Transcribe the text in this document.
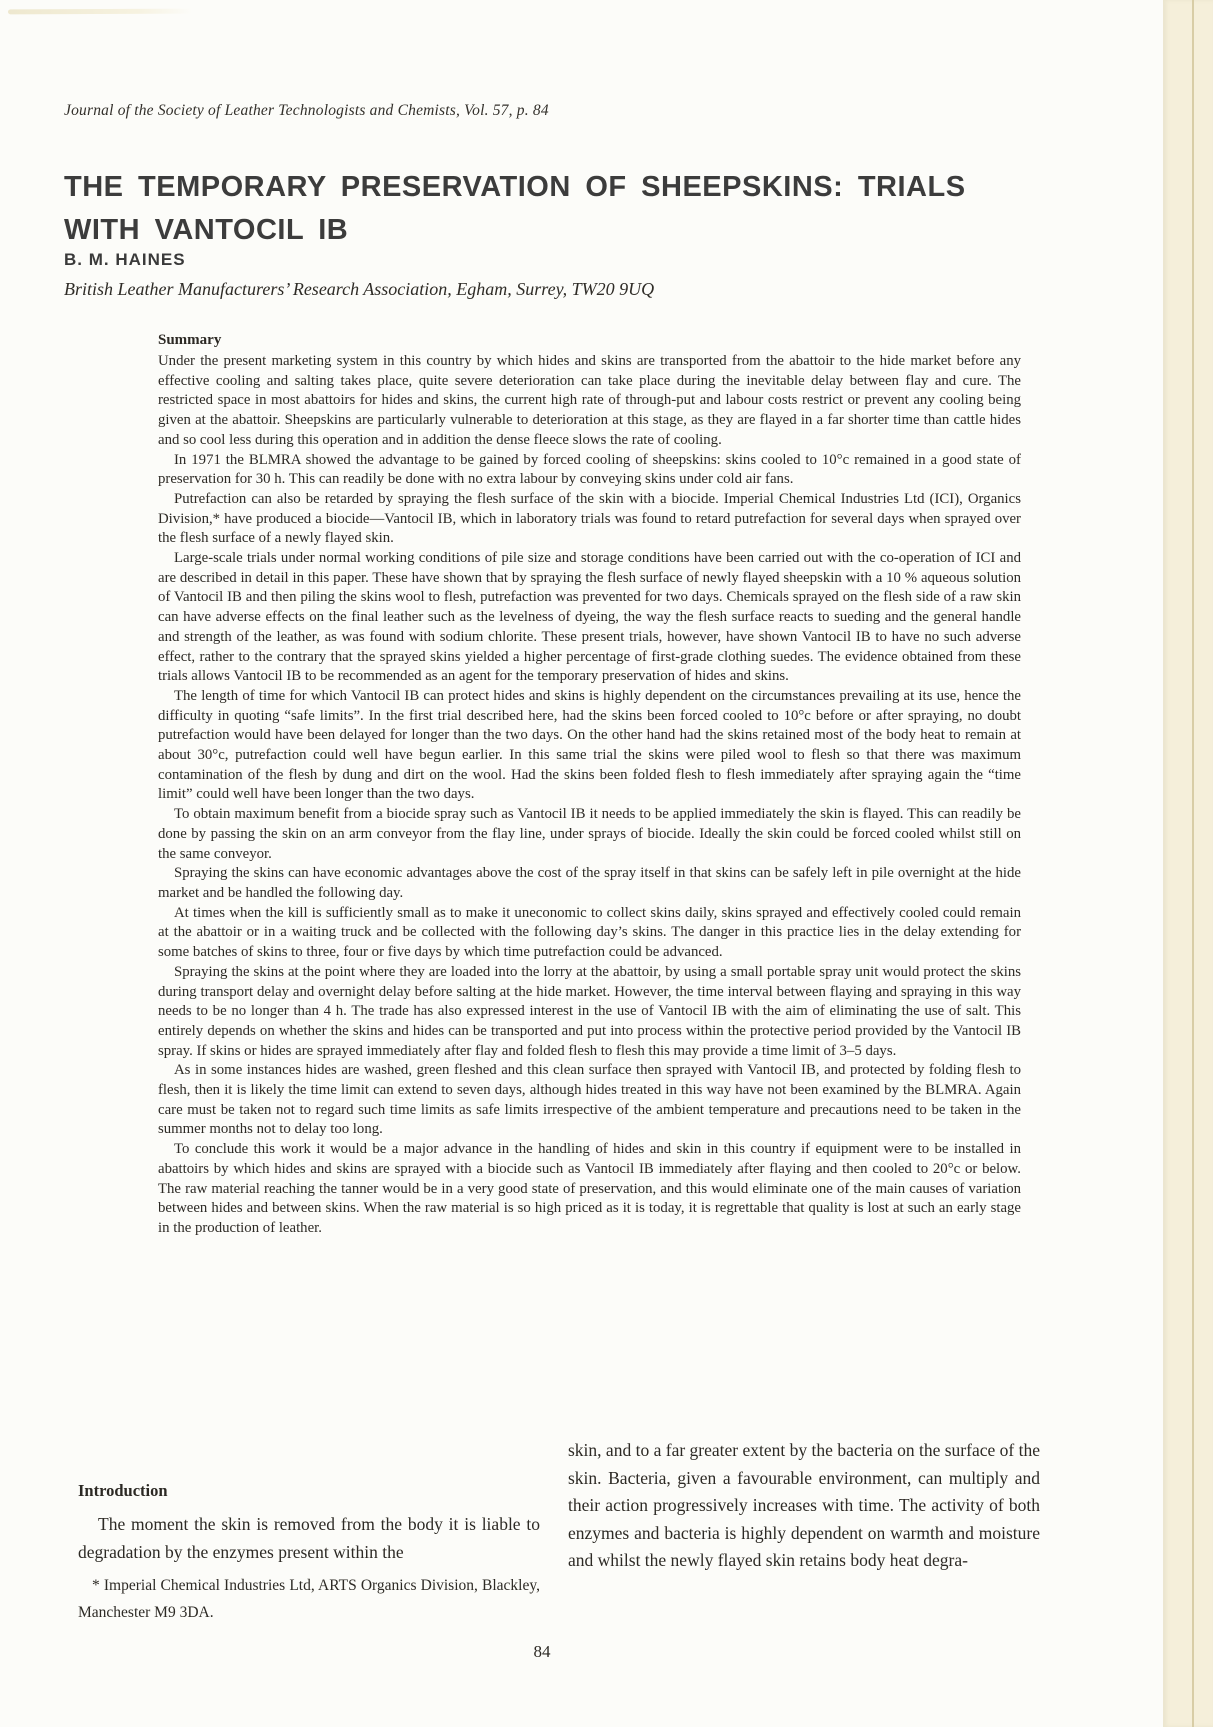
Journal of the Society of Leather Technologists and Chemists, Vol. 57, p. 84
THE TEMPORARY PRESERVATION OF SHEEPSKINS: TRIALS
WITH VANTOCIL IB
B. M. HAINES
British Leather Manufacturers’ Research Association, Egham, Surrey, TW20 9UQ
Summary

Under the present marketing system in this country by which hides and skins are transported from the abattoir to the hide market before any effective cooling and salting takes place, quite severe deterioration can take place during the inevitable delay between flay and cure. The restricted space in most abattoirs for hides and skins, the current high rate of through-put and labour costs restrict or prevent any cooling being given at the abattoir. Sheepskins are particularly vulnerable to deterioration at this stage, as they are flayed in a far shorter time than cattle hides and so cool less during this operation and in addition the dense fleece slows the rate of cooling.

In 1971 the BLMRA showed the advantage to be gained by forced cooling of sheepskins: skins cooled to 10°c remained in a good state of preservation for 30 h. This can readily be done with no extra labour by conveying skins under cold air fans.

Putrefaction can also be retarded by spraying the flesh surface of the skin with a biocide. Imperial Chemical Industries Ltd (ICI), Organics Division,* have produced a biocide—Vantocil IB, which in laboratory trials was found to retard putrefaction for several days when sprayed over the flesh surface of a newly flayed skin.

Large-scale trials under normal working conditions of pile size and storage conditions have been carried out with the co-operation of ICI and are described in detail in this paper. These have shown that by spraying the flesh surface of newly flayed sheepskin with a 10 % aqueous solution of Vantocil IB and then piling the skins wool to flesh, putrefaction was prevented for two days. Chemicals sprayed on the flesh side of a raw skin can have adverse effects on the final leather such as the levelness of dyeing, the way the flesh surface reacts to sueding and the general handle and strength of the leather, as was found with sodium chlorite. These present trials, however, have shown Vantocil IB to have no such adverse effect, rather to the contrary that the sprayed skins yielded a higher percentage of first-grade clothing suedes. The evidence obtained from these trials allows Vantocil IB to be recommended as an agent for the temporary preservation of hides and skins.

The length of time for which Vantocil IB can protect hides and skins is highly dependent on the circumstances prevailing at its use, hence the difficulty in quoting “safe limits”. In the first trial described here, had the skins been forced cooled to 10°c before or after spraying, no doubt putrefaction would have been delayed for longer than the two days. On the other hand had the skins retained most of the body heat to remain at about 30°c, putrefaction could well have begun earlier. In this same trial the skins were piled wool to flesh so that there was maximum contamination of the flesh by dung and dirt on the wool. Had the skins been folded flesh to flesh immediately after spraying again the “time limit” could well have been longer than the two days.

To obtain maximum benefit from a biocide spray such as Vantocil IB it needs to be applied immediately the skin is flayed. This can readily be done by passing the skin on an arm conveyor from the flay line, under sprays of biocide. Ideally the skin could be forced cooled whilst still on the same conveyor.

Spraying the skins can have economic advantages above the cost of the spray itself in that skins can be safely left in pile overnight at the hide market and be handled the following day.

At times when the kill is sufficiently small as to make it uneconomic to collect skins daily, skins sprayed and effectively cooled could remain at the abattoir or in a waiting truck and be collected with the following day’s skins. The danger in this practice lies in the delay extending for some batches of skins to three, four or five days by which time putrefaction could be advanced.

Spraying the skins at the point where they are loaded into the lorry at the abattoir, by using a small portable spray unit would protect the skins during transport delay and overnight delay before salting at the hide market. However, the time interval between flaying and spraying in this way needs to be no longer than 4 h. The trade has also expressed interest in the use of Vantocil IB with the aim of eliminating the use of salt. This entirely depends on whether the skins and hides can be transported and put into process within the protective period provided by the Vantocil IB spray. If skins or hides are sprayed immediately after flay and folded flesh to flesh this may provide a time limit of 3–5 days.

As in some instances hides are washed, green fleshed and this clean surface then sprayed with Vantocil IB, and protected by folding flesh to flesh, then it is likely the time limit can extend to seven days, although hides treated in this way have not been examined by the BLMRA. Again care must be taken not to regard such time limits as safe limits irrespective of the ambient temperature and precautions need to be taken in the summer months not to delay too long.

To conclude this work it would be a major advance in the handling of hides and skin in this country if equipment were to be installed in abattoirs by which hides and skins are sprayed with a biocide such as Vantocil IB immediately after flaying and then cooled to 20°c or below. The raw material reaching the tanner would be in a very good state of preservation, and this would eliminate one of the main causes of variation between hides and between skins. When the raw material is so high priced as it is today, it is regrettable that quality is lost at such an early stage in the production of leather.

Introduction

The moment the skin is removed from the body it is liable to degradation by the enzymes present within the

* Imperial Chemical Industries Ltd, ARTS Organics Division, Blackley, Manchester M9 3DA.

skin, and to a far greater extent by the bacteria on the surface of the skin. Bacteria, given a favourable environment, can multiply and their action progressively increases with time. The activity of both enzymes and bacteria is highly dependent on warmth and moisture and whilst the newly flayed skin retains body heat degra-

84
